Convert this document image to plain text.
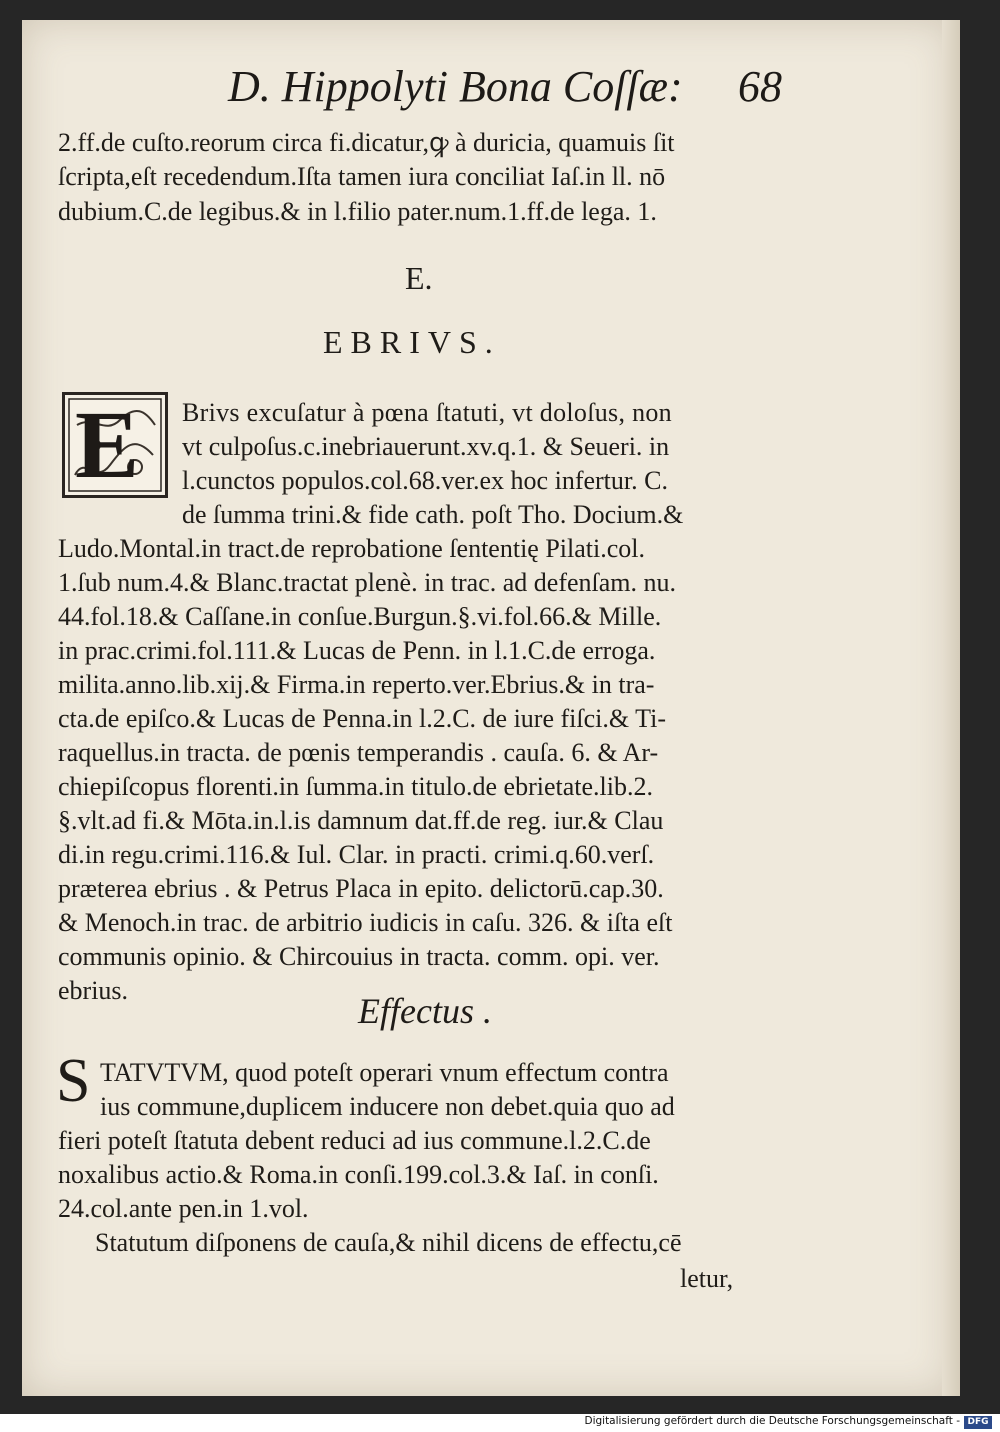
D. Hippolyti Bona Coſſæ: 68
2.ff.de cuſto.reorum circa fi.dicatur,ꝙ à duricia, quamuis ſit
ſcripta,eſt recedendum.Iſta tamen iura conciliat Iaſ.in ll. nō
dubium.C.de legibus.& in l.filio pater.num.1.ff.de lega. 1.
E.
EBRIVS.
E Brivs excuſatur à pœna ſtatuti, vt doloſus, non
vt culpoſus.c.inebriauerunt.xv.q.1. & Seueri. in
l.cunctos populos.col.68.ver.ex hoc infertur. C.
de ſumma trini.& fide cath. poſt Tho. Docium.&
Ludo.Montal.in tract.de reprobatione ſententię Pilati.col.
1.ſub num.4.& Blanc.tractat plenè. in trac. ad defenſam. nu.
44.fol.18.& Caſſane.in conſue.Burgun.§.vi.fol.66.& Mille.
in prac.crimi.fol.111.& Lucas de Penn. in l.1.C.de erroga.
milita.anno.lib.xij.& Firma.in reperto.ver.Ebrius.& in tra-
cta.de epiſco.& Lucas de Penna.in l.2.C. de iure fiſci.& Ti-
raquellus.in tracta. de pœnis temperandis . cauſa. 6. & Ar-
chiepiſcopus florenti.in ſumma.in titulo.de ebrietate.lib.2.
§.vlt.ad fi.& Mōta.in.l.is damnum dat.ff.de reg. iur.& Clau
di.in regu.crimi.116.& Iul. Clar. in practi. crimi.q.60.verſ.
præterea ebrius . & Petrus Placa in epito. delictorū.cap.30.
& Menoch.in trac. de arbitrio iudicis in caſu. 326. & iſta eſt
communis opinio. & Chircouius in tracta. comm. opi. ver.
ebrius.
Effectus .
S TATVTVM, quod poteſt operari vnum effectum contra
ius commune,duplicem inducere non debet.quia quo ad
fieri poteſt ſtatuta debent reduci ad ius commune.l.2.C.de
noxalibus actio.& Roma.in conſi.199.col.3.& Iaſ. in conſi.
24.col.ante pen.in 1.vol.
Statutum diſponens de cauſa,& nihil dicens de effectu,cē
letur,
Digitalisierung gefördert durch die Deutsche Forschungsgemeinschaft - DFG
